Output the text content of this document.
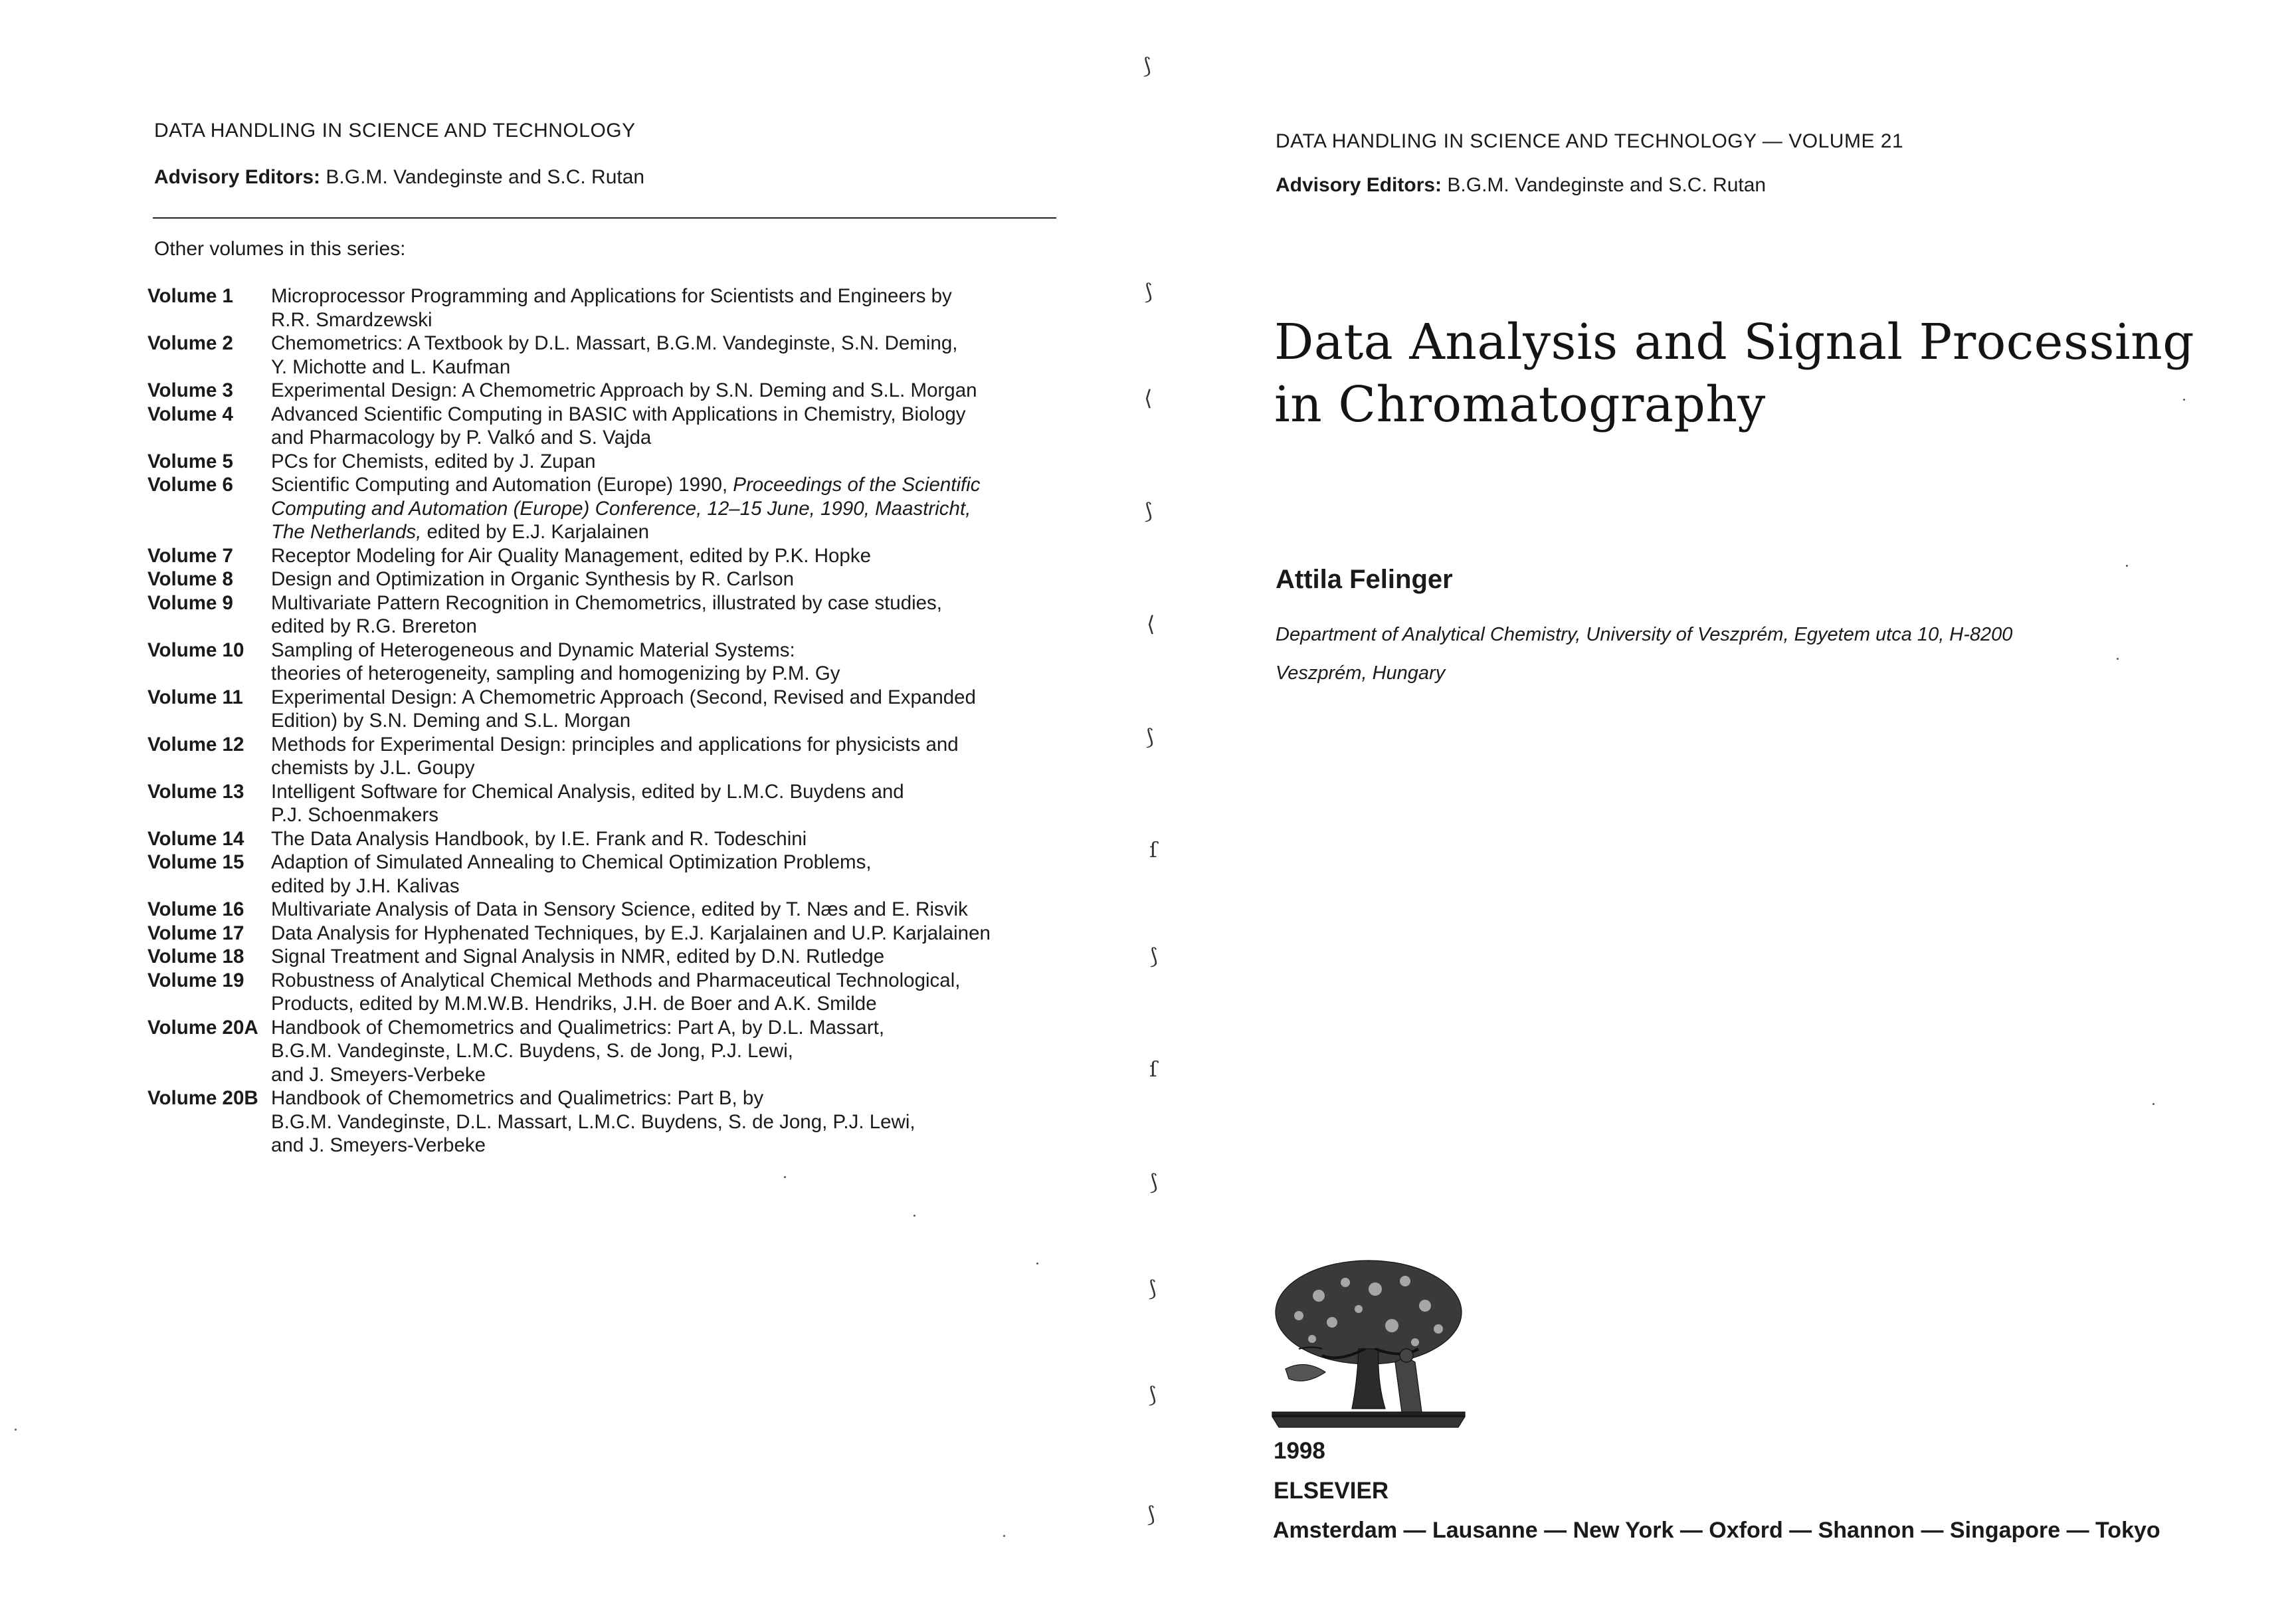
DATA HANDLING IN SCIENCE AND TECHNOLOGY
Advisory Editors: B.G.M. Vandeginste and S.C. Rutan
Other volumes in this series:
Volume 1	Microprocessor Programming and Applications for Scientists and Engineers by
R.R. Smardzewski
Volume 2	Chemometrics: A Textbook by D.L. Massart, B.G.M. Vandeginste, S.N. Deming,
Y. Michotte and L. Kaufman
Volume 3	Experimental Design: A Chemometric Approach by S.N. Deming and S.L. Morgan
Volume 4	Advanced Scientific Computing in BASIC with Applications in Chemistry, Biology
and Pharmacology by P. Valkó and S. Vajda
Volume 5	PCs for Chemists, edited by J. Zupan
Volume 6	Scientific Computing and Automation (Europe) 1990, Proceedings of the Scientific
Computing and Automation (Europe) Conference, 12–15 June, 1990, Maastricht,
The Netherlands, edited by E.J. Karjalainen
Volume 7	Receptor Modeling for Air Quality Management, edited by P.K. Hopke
Volume 8	Design and Optimization in Organic Synthesis by R. Carlson
Volume 9	Multivariate Pattern Recognition in Chemometrics, illustrated by case studies,
edited by R.G. Brereton
Volume 10	Sampling of Heterogeneous and Dynamic Material Systems:
theories of heterogeneity, sampling and homogenizing by P.M. Gy
Volume 11	Experimental Design: A Chemometric Approach (Second, Revised and Expanded
Edition) by S.N. Deming and S.L. Morgan
Volume 12	Methods for Experimental Design: principles and applications for physicists and
chemists by J.L. Goupy
Volume 13	Intelligent Software for Chemical Analysis, edited by L.M.C. Buydens and
P.J. Schoenmakers
Volume 14	The Data Analysis Handbook, by I.E. Frank and R. Todeschini
Volume 15	Adaption of Simulated Annealing to Chemical Optimization Problems,
edited by J.H. Kalivas
Volume 16	Multivariate Analysis of Data in Sensory Science, edited by T. Næs and E. Risvik
Volume 17	Data Analysis for Hyphenated Techniques, by E.J. Karjalainen and U.P. Karjalainen
Volume 18	Signal Treatment and Signal Analysis in NMR, edited by D.N. Rutledge
Volume 19	Robustness of Analytical Chemical Methods and Pharmaceutical Technological,
Products, edited by M.M.W.B. Hendriks, J.H. de Boer and A.K. Smilde
Volume 20A Handbook of Chemometrics and Qualimetrics: Part A, by D.L. Massart,
B.G.M. Vandeginste, L.M.C. Buydens, S. de Jong, P.J. Lewi,
and J. Smeyers-Verbeke
Volume 20B Handbook of Chemometrics and Qualimetrics: Part B, by
B.G.M. Vandeginste, D.L. Massart, L.M.C. Buydens, S. de Jong, P.J. Lewi,
and J. Smeyers-Verbeke
⟆
⟆
⟨
⟆
⟨
⟆
ſ
⟆
ſ
⟆
⟆
⟆
⟆
DATA HANDLING IN SCIENCE AND TECHNOLOGY — VOLUME 21
Advisory Editors: B.G.M. Vandeginste and S.C. Rutan
Data Analysis and Signal Processing
in Chromatography
Attila Felinger
Department of Analytical Chemistry, University of Veszprém, Egyetem utca 10, H-8200
Veszprém, Hungary
1998
ELSEVIER
Amsterdam — Lausanne — New York — Oxford — Shannon — Singapore — Tokyo
